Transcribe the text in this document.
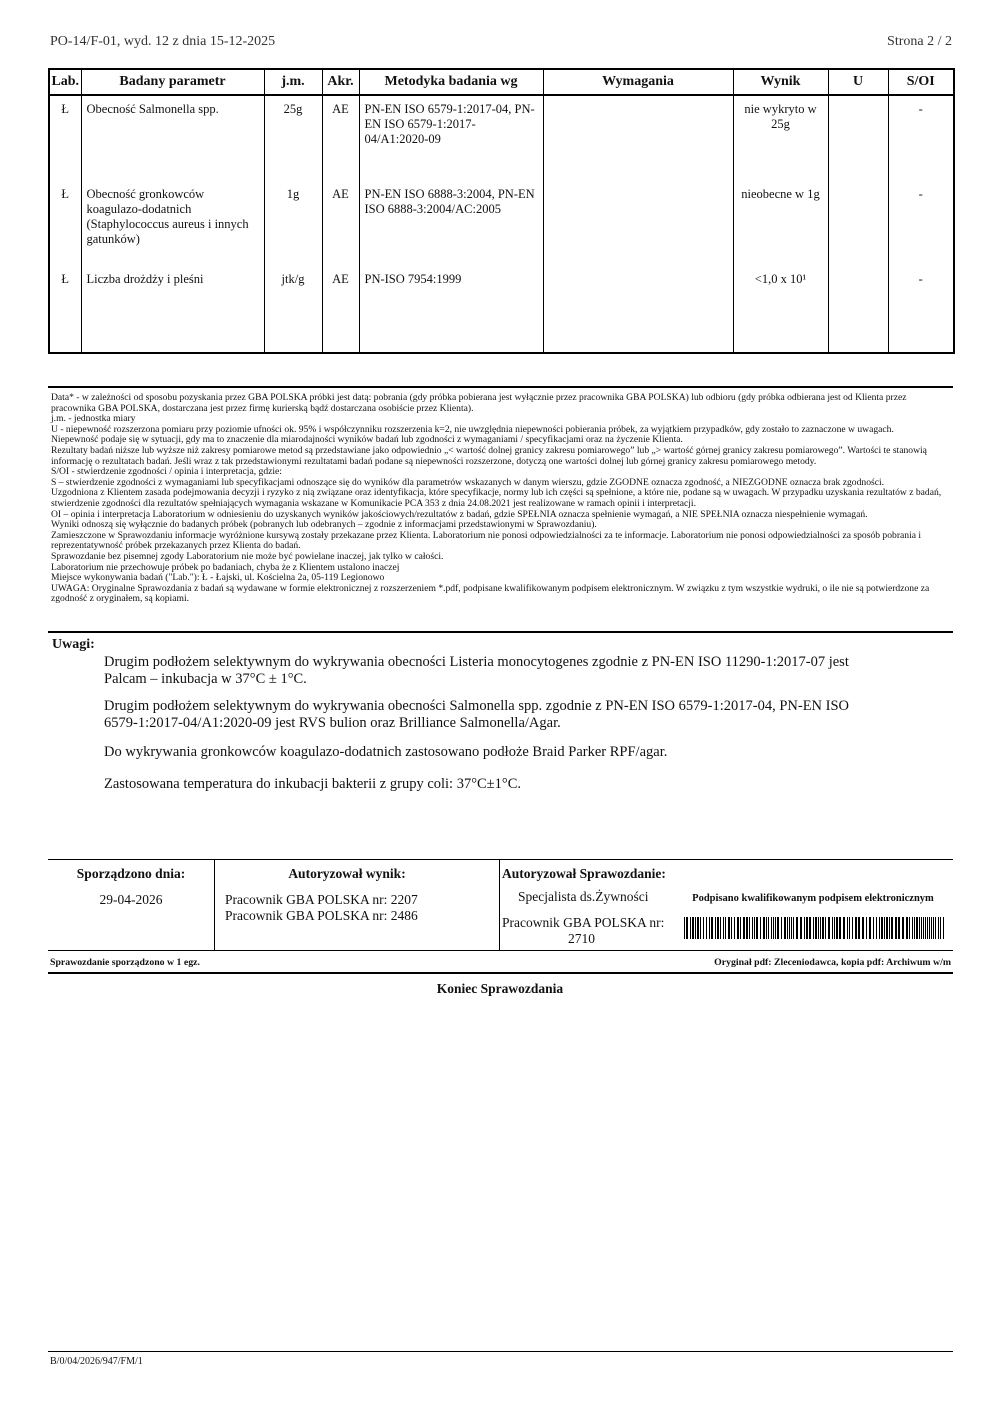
PO-14/F-01, wyd. 12 z dnia 15-12-2025	Strona 2 / 2
Lab.	Badany parametr	j.m.	Akr.	Metodyka badania wg	Wymagania	Wynik	U	S/OI
Ł	Obecność Salmonella spp.	25g	AE	PN-EN ISO 6579-1:2017-04, PN-EN ISO 6579-1:2017-04/A1:2020-09		nie wykryto w 25g		-
Ł	Obecność gronkowców koagulazo-dodatnich (Staphylococcus aureus i innych gatunków)	1g	AE	PN-EN ISO 6888-3:2004, PN-EN ISO 6888-3:2004/AC:2005		nieobecne w 1g		-
Ł	Liczba drożdży i pleśni	jtk/g	AE	PN-ISO 7954:1999		<1,0 x 10¹		-
Data* - w zależności od sposobu pozyskania przez GBA POLSKA próbki jest datą: pobrania (gdy próbka pobierana jest wyłącznie przez pracownika GBA POLSKA) lub odbioru (gdy próbka odbierana jest od Klienta przez pracownika GBA POLSKA, dostarczana jest przez firmę kurierską bądź dostarczana osobiście przez Klienta).
j.m. - jednostka miary
U - niepewność rozszerzona pomiaru przy poziomie ufności ok. 95% i współczynniku rozszerzenia k=2, nie uwzględnia niepewności pobierania próbek, za wyjątkiem przypadków, gdy zostało to zaznaczone w uwagach.
Niepewność podaje się w sytuacji, gdy ma to znaczenie dla miarodajności wyników badań lub zgodności z wymaganiami / specyfikacjami oraz na życzenie Klienta.
Rezultaty badań niższe lub wyższe niż zakresy pomiarowe metod są przedstawiane jako odpowiednio „< wartość dolnej granicy zakresu pomiarowego” lub „> wartość górnej granicy zakresu pomiarowego”. Wartości te stanowią informację o rezultatach badań. Jeśli wraz z tak przedstawionymi rezultatami badań podane są niepewności rozszerzone, dotyczą one wartości dolnej lub górnej granicy zakresu pomiarowego metody.
S/OI - stwierdzenie zgodności / opinia i interpretacja, gdzie:
S – stwierdzenie zgodności z wymaganiami lub specyfikacjami odnoszące się do wyników dla parametrów wskazanych w danym wierszu, gdzie ZGODNE oznacza zgodność, a NIEZGODNE oznacza brak zgodności.
Uzgodniona z Klientem zasada podejmowania decyzji i ryzyko z nią związane oraz identyfikacja, które specyfikacje, normy lub ich części są spełnione, a które nie, podane są w uwagach. W przypadku uzyskania rezultatów z badań, stwierdzenie zgodności dla rezultatów spełniających wymagania wskazane w Komunikacie PCA 353 z dnia 24.08.2021 jest realizowane w ramach opinii i interpretacji.
OI – opinia i interpretacja Laboratorium w odniesieniu do uzyskanych wyników jakościowych/rezultatów z badań, gdzie SPEŁNIA oznacza spełnienie wymagań, a NIE SPEŁNIA oznacza niespełnienie wymagań.
Wyniki odnoszą się wyłącznie do badanych próbek (pobranych lub odebranych – zgodnie z informacjami przedstawionymi w Sprawozdaniu).
Zamieszczone w Sprawozdaniu informacje wyróżnione kursywą zostały przekazane przez Klienta. Laboratorium nie ponosi odpowiedzialności za te informacje. Laboratorium nie ponosi odpowiedzialności za sposób pobrania i reprezentatywność próbek przekazanych przez Klienta do badań.
Sprawozdanie bez pisemnej zgody Laboratorium nie może być powielane inaczej, jak tylko w całości.
Laboratorium nie przechowuje próbek po badaniach, chyba że z Klientem ustalono inaczej
Miejsce wykonywania badań ("Lab."): Ł - Łajski, ul. Kościelna 2a, 05-119 Legionowo
UWAGA: Oryginalne Sprawozdania z badań są wydawane w formie elektronicznej z rozszerzeniem *.pdf, podpisane kwalifikowanym podpisem elektronicznym. W związku z tym wszystkie wydruki, o ile nie są potwierdzone za zgodność z oryginałem, są kopiami.
Uwagi:
Drugim podłożem selektywnym do wykrywania obecności Listeria monocytogenes zgodnie z PN-EN ISO 11290-1:2017-07 jest Palcam – inkubacja w 37°C ± 1°C.
Drugim podłożem selektywnym do wykrywania obecności Salmonella spp. zgodnie z PN-EN ISO 6579-1:2017-04, PN-EN ISO 6579-1:2017-04/A1:2020-09 jest RVS bulion oraz Brilliance Salmonella/Agar.
Do wykrywania gronkowców koagulazo-dodatnich zastosowano podłoże Braid Parker RPF/agar.
Zastosowana temperatura do inkubacji bakterii z grupy coli: 37°C±1°C.
Sporządzono dnia:
29-04-2026
Autoryzował wynik:
Pracownik GBA POLSKA nr: 2207
Pracownik GBA POLSKA nr: 2486
Autoryzował Sprawozdanie:
Specjalista ds.Żywności
Pracownik GBA POLSKA nr:
2710
Podpisano kwalifikowanym podpisem elektronicznym
Sprawozdanie sporządzono w 1 egz.	Oryginał pdf: Zleceniodawca, kopia pdf: Archiwum w/m
Koniec Sprawozdania
B/0/04/2026/947/FM/1
